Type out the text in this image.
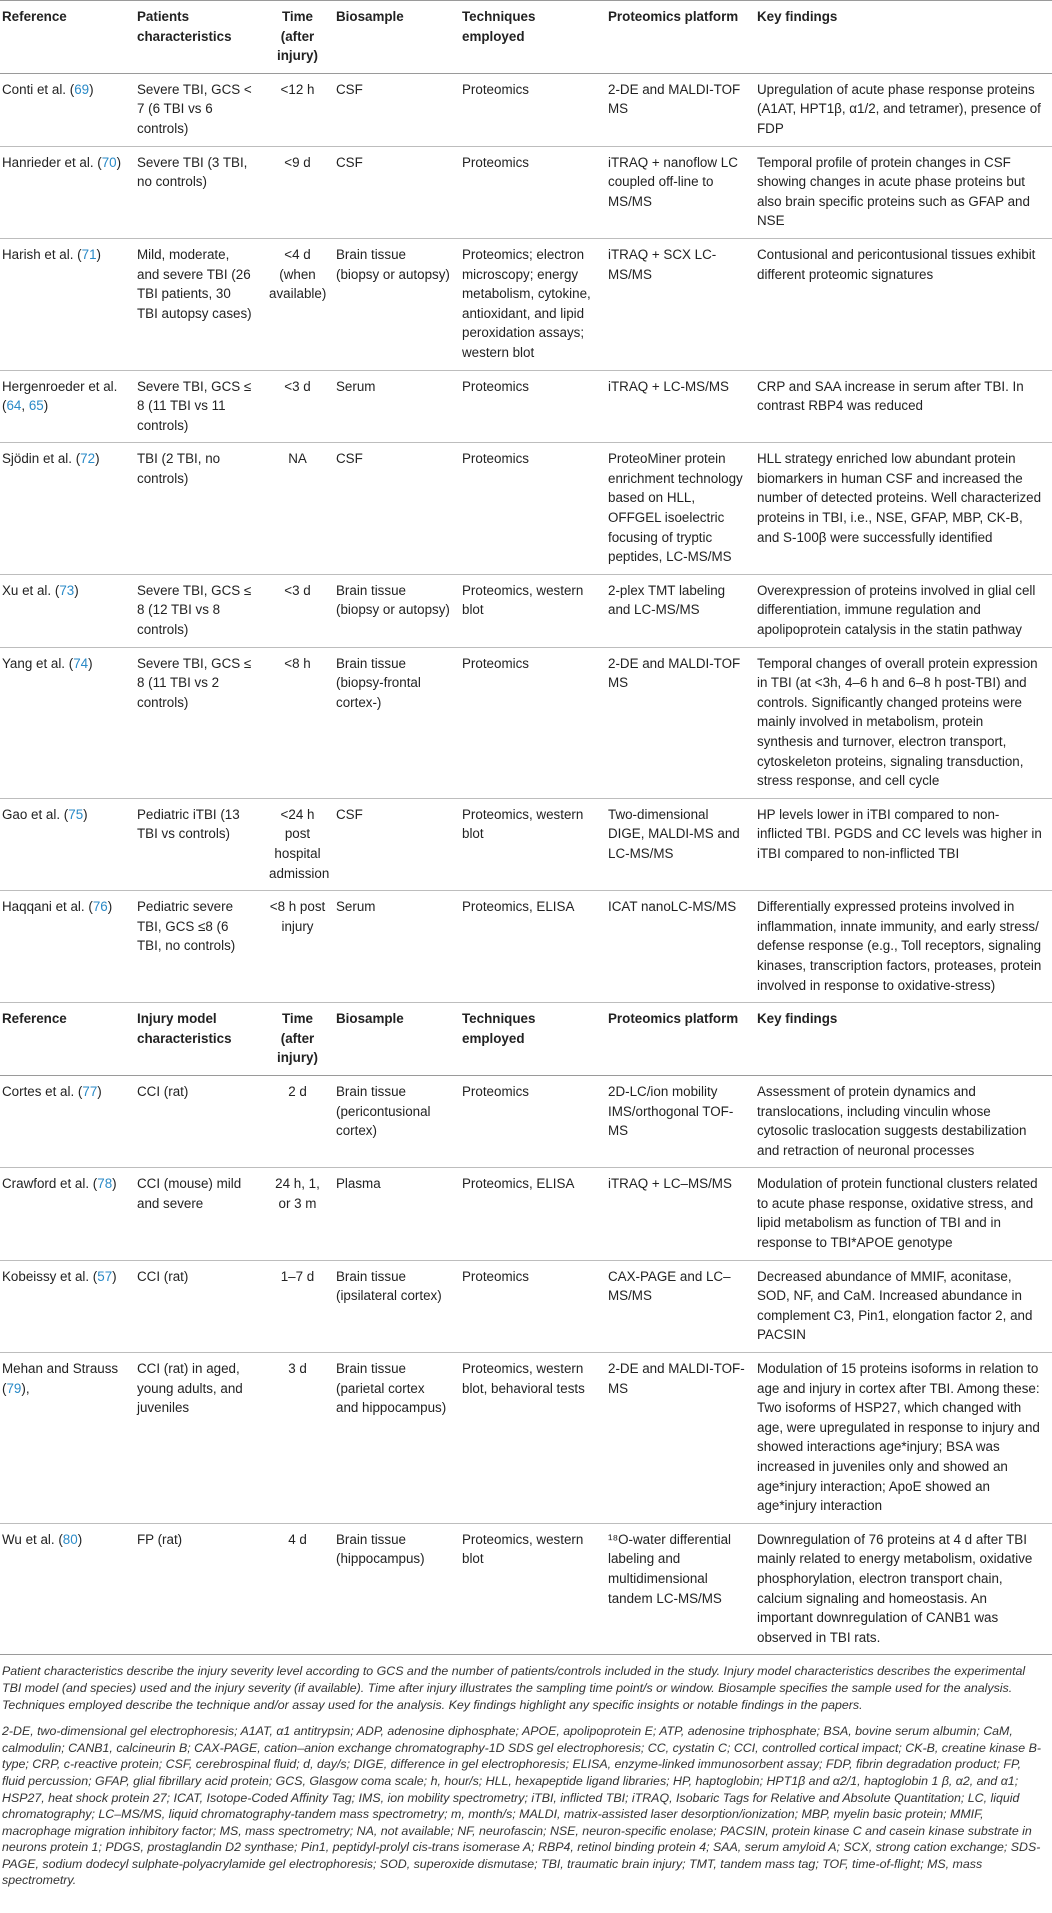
Reference	Patients characteristics	Time (after injury)	Biosample	Techniques employed	Proteomics platform	Key findings
Conti et al. (69)	Severe TBI, GCS < 7 (6 TBI vs 6 controls)	<12 h	CSF	Proteomics	2-DE and MALDI-TOF MS	Upregulation of acute phase response proteins (A1AT, HPT1β, α1/2, and tetramer), presence of FDP
Hanrieder et al. (70)	Severe TBI (3 TBI, no controls)	<9 d	CSF	Proteomics	iTRAQ + nanoflow LC coupled off-line to MS/MS	Temporal profile of protein changes in CSF showing changes in acute phase proteins but also brain specific proteins such as GFAP and NSE
Harish et al. (71)	Mild, moderate, and severe TBI (26 TBI patients, 30 TBI autopsy cases)	<4 d (when available)	Brain tissue (biopsy or autopsy)	Proteomics; electron microscopy; energy metabolism, cytokine, antioxidant, and lipid peroxidation assays; western blot	iTRAQ + SCX LC-MS/MS	Contusional and pericontusional tissues exhibit different proteomic signatures
Hergenroeder et al. (64, 65)	Severe TBI, GCS ≤ 8 (11 TBI vs 11 controls)	<3 d	Serum	Proteomics	iTRAQ + LC-MS/MS	CRP and SAA increase in serum after TBI. In contrast RBP4 was reduced
Sjödin et al. (72)	TBI (2 TBI, no controls)	NA	CSF	Proteomics	ProteoMiner protein enrichment technology based on HLL, OFFGEL isoelectric focusing of tryptic peptides, LC-MS/MS	HLL strategy enriched low abundant protein biomarkers in human CSF and increased the number of detected proteins. Well characterized proteins in TBI, i.e., NSE, GFAP, MBP, CK-B, and S-100β were successfully identified
Xu et al. (73)	Severe TBI, GCS ≤ 8 (12 TBI vs 8 controls)	<3 d	Brain tissue (biopsy or autopsy)	Proteomics, western blot	2-plex TMT labeling and LC-MS/MS	Overexpression of proteins involved in glial cell differentiation, immune regulation and apolipoprotein catalysis in the statin pathway
Yang et al. (74)	Severe TBI, GCS ≤ 8 (11 TBI vs 2 controls)	<8 h	Brain tissue (biopsy-frontal cortex-)	Proteomics	2-DE and MALDI-TOF MS	Temporal changes of overall protein expression in TBI (at <3h, 4–6 h and 6–8 h post-TBI) and controls. Significantly changed proteins were mainly involved in metabolism, protein synthesis and turnover, electron transport, cytoskeleton proteins, signaling transduction, stress response, and cell cycle
Gao et al. (75)	Pediatric iTBI (13 TBI vs controls)	<24 h post hospital admission	CSF	Proteomics, western blot	Two-dimensional DIGE, MALDI-MS and LC-MS/MS	HP levels lower in iTBI compared to non-inflicted TBI. PGDS and CC levels was higher in iTBI compared to non-inflicted TBI
Haqqani et al. (76)	Pediatric severe TBI, GCS ≤8 (6 TBI, no controls)	<8 h post injury	Serum	Proteomics, ELISA	ICAT nanoLC-MS/MS	Differentially expressed proteins involved in inflammation, innate immunity, and early stress/ defense response (e.g., Toll receptors, signaling kinases, transcription factors, proteases, protein involved in response to oxidative-stress)
Reference	Injury model characteristics	Time (after injury)	Biosample	Techniques employed	Proteomics platform	Key findings
Cortes et al. (77)	CCI (rat)	2 d	Brain tissue (pericontusional cortex)	Proteomics	2D-LC/ion mobility IMS/orthogonal TOF-MS	Assessment of protein dynamics and translocations, including vinculin whose cytosolic traslocation suggests destabilization and retraction of neuronal processes
Crawford et al. (78)	CCI (mouse) mild and severe	24 h, 1, or 3 m	Plasma	Proteomics, ELISA	iTRAQ + LC–MS/MS	Modulation of protein functional clusters related to acute phase response, oxidative stress, and lipid metabolism as function of TBI and in response to TBI*APOE genotype
Kobeissy et al. (57)	CCI (rat)	1–7 d	Brain tissue (ipsilateral cortex)	Proteomics	CAX-PAGE and LC–MS/MS	Decreased abundance of MMIF, aconitase, SOD, NF, and CaM. Increased abundance in complement C3, Pin1, elongation factor 2, and PACSIN
Mehan and Strauss (79),	CCI (rat) in aged, young adults, and juveniles	3 d	Brain tissue (parietal cortex and hippocampus)	Proteomics, western blot, behavioral tests	2-DE and MALDI-TOF-MS	Modulation of 15 proteins isoforms in relation to age and injury in cortex after TBI. Among these: Two isoforms of HSP27, which changed with age, were upregulated in response to injury and showed interactions age*injury; BSA was increased in juveniles only and showed an age*injury interaction; ApoE showed an age*injury interaction
Wu et al. (80)	FP (rat)	4 d	Brain tissue (hippocampus)	Proteomics, western blot	¹⁸O-water differential labeling and multidimensional tandem LC-MS/MS	Downregulation of 76 proteins at 4 d after TBI mainly related to energy metabolism, oxidative phosphorylation, electron transport chain, calcium signaling and homeostasis. An important downregulation of CANB1 was observed in TBI rats.

Patient characteristics describe the injury severity level according to GCS and the number of patients/controls included in the study. Injury model characteristics describes the experimental TBI model (and species) used and the injury severity (if available). Time after injury illustrates the sampling time point/s or window. Biosample specifies the sample used for the analysis. Techniques employed describe the technique and/or assay used for the analysis. Key findings highlight any specific insights or notable findings in the papers.

2-DE, two-dimensional gel electrophoresis; A1AT, α1 antitrypsin; ADP, adenosine diphosphate; APOE, apolipoprotein E; ATP, adenosine triphosphate; BSA, bovine serum albumin; CaM, calmodulin; CANB1, calcineurin B; CAX-PAGE, cation–anion exchange chromatography-1D SDS gel electrophoresis; CC, cystatin C; CCI, controlled cortical impact; CK-B, creatine kinase B-type; CRP, c-reactive protein; CSF, cerebrospinal fluid; d, day/s; DIGE, difference in gel electrophoresis; ELISA, enzyme-linked immunosorbent assay; FDP, fibrin degradation product; FP, fluid percussion; GFAP, glial fibrillary acid protein; GCS, Glasgow coma scale; h, hour/s; HLL, hexapeptide ligand libraries; HP, haptoglobin; HPT1β and α2/1, haptoglobin 1 β, α2, and α1; HSP27, heat shock protein 27; ICAT, Isotope-Coded Affinity Tag; IMS, ion mobility spectrometry; iTBI, inflicted TBI; iTRAQ, Isobaric Tags for Relative and Absolute Quantitation; LC, liquid chromatography; LC–MS/MS, liquid chromatography-tandem mass spectrometry; m, month/s; MALDI, matrix-assisted laser desorption/ionization; MBP, myelin basic protein; MMIF, macrophage migration inhibitory factor; MS, mass spectrometry; NA, not available; NF, neurofascin; NSE, neuron-specific enolase; PACSIN, protein kinase C and casein kinase substrate in neurons protein 1; PDGS, prostaglandin D2 synthase; Pin1, peptidyl-prolyl cis-trans isomerase A; RBP4, retinol binding protein 4; SAA, serum amyloid A; SCX, strong cation exchange; SDS-PAGE, sodium dodecyl sulphate-polyacrylamide gel electrophoresis; SOD, superoxide dismutase; TBI, traumatic brain injury; TMT, tandem mass tag; TOF, time-of-flight; MS, mass spectrometry.
